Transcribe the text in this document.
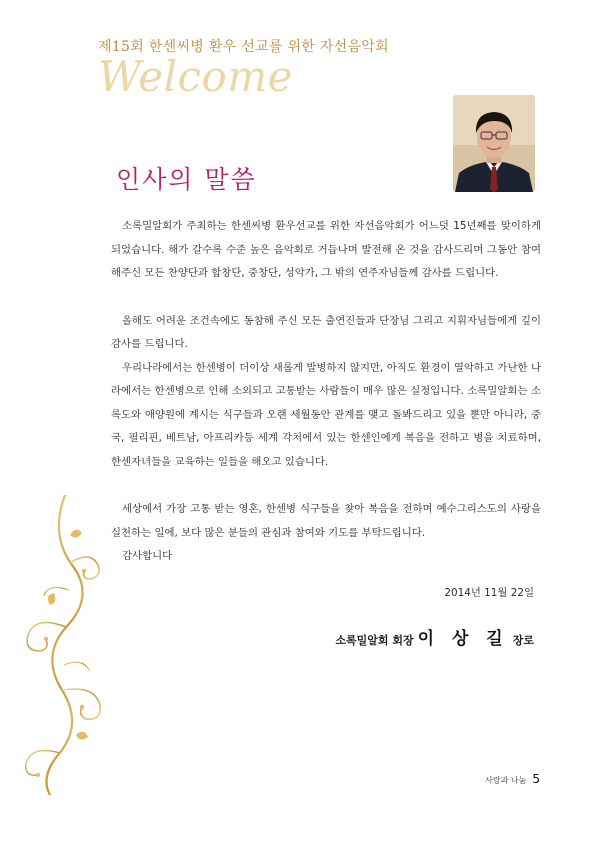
제15회 한센씨병 환우 선교를 위한 자선음악회
Welcome
인사의 말씀

소록밀알회가 주최하는 한센씨병 환우선교를 위한 자선음악회가 어느덧 15년째를 맞이하게 되었습니다. 해가 갈수록 수준 높은 음악회로 거듭나며 발전해 온 것을 감사드리며 그동안 참여해주신 모든 찬양단과 합창단, 중창단, 성악가, 그 밖의 연주자님들께 감사를 드립니다.

올해도 어려운 조건속에도 동참해 주신 모든 출연진들과 단장님 그리고 지휘자님들에게 깊이 감사를 드립니다.

우리나라에서는 한센병이 더이상 새롭게 발병하지 않지만, 아직도 환경이 열악하고 가난한 나라에서는 한센병으로 인해 소외되고 고통받는 사람들이 매우 많은 실정입니다. 소록밀알회는 소록도와 애양원에 계시는 식구들과 오랜 세월동안 관계를 맺고 돌봐드리고 있을 뿐만 아니라, 중국, 필리핀, 베트남, 아프리카등 세계 각처에서 있는 한센인에게 복음을 전하고 병을 치료하며, 한센자녀들을 교육하는 일들을 해오고 있습니다.

세상에서 가장 고통 받는 영혼, 한센병 식구들을 찾아 복음을 전하며 예수그리스도의 사랑을 실천하는 일에, 보다 많은 분들의 관심과 참여와 기도를 부탁드립니다.

감사합니다

2014년 11월 22일
소록밀알회 회장 이 상 길 장로
사랑과 나눔 5
